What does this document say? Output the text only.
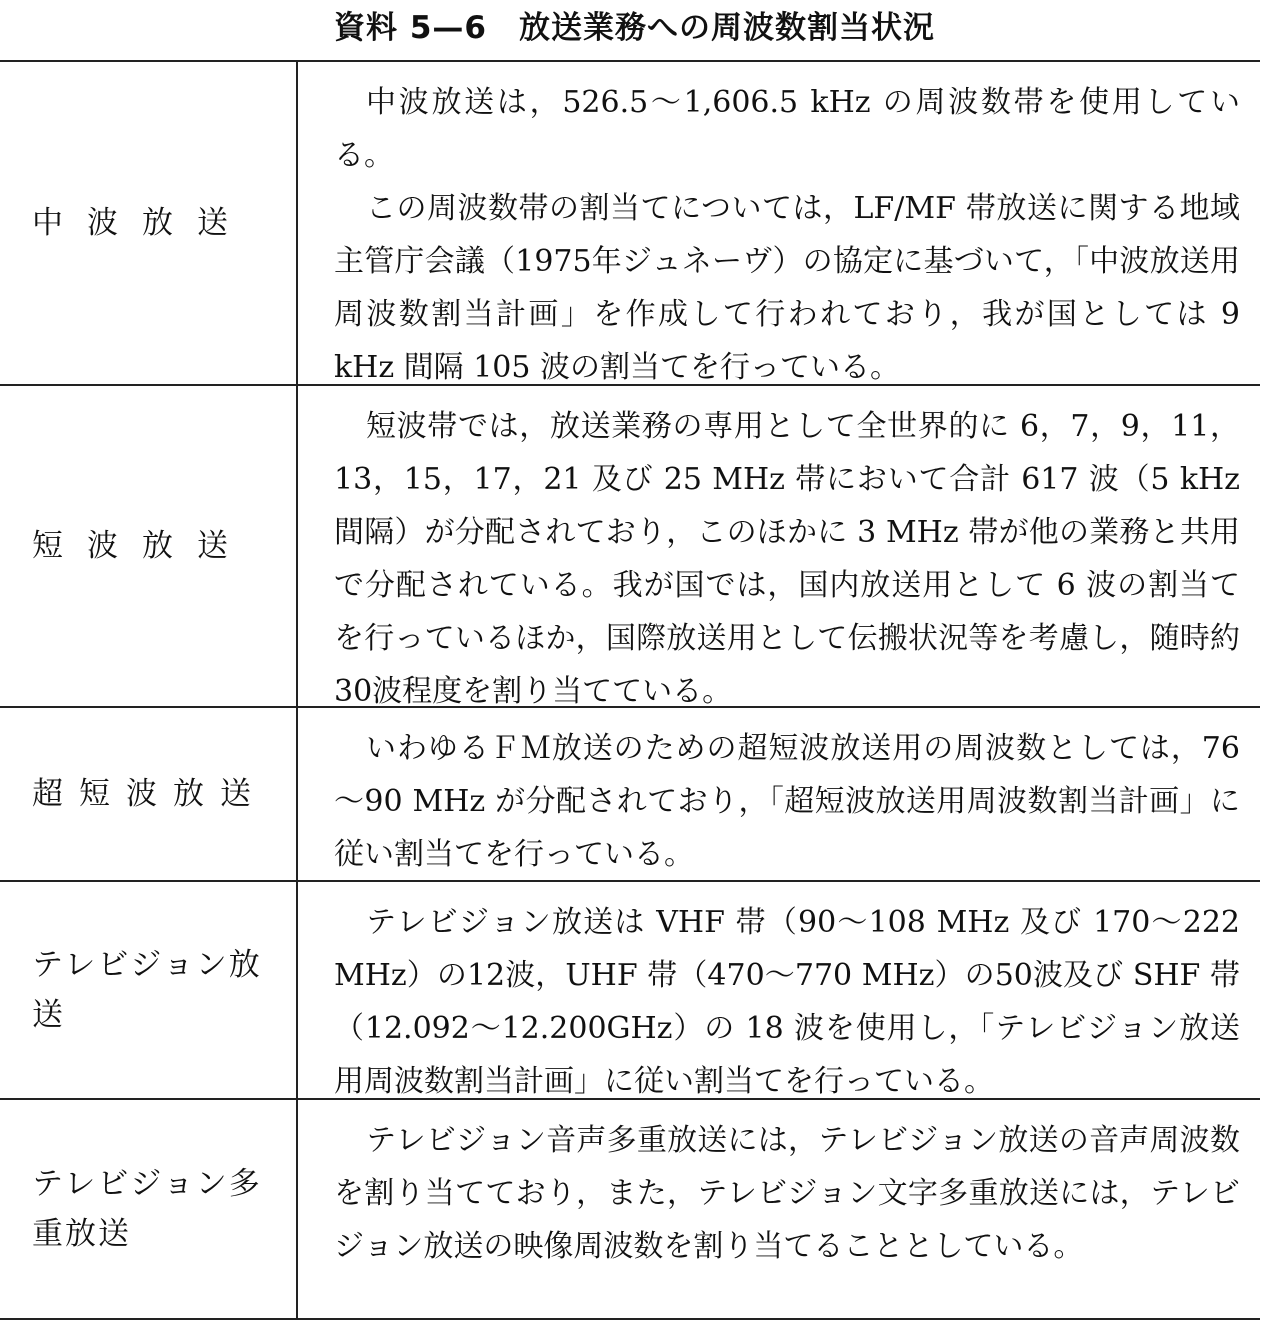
資料 5—6　放送業務への周波数割当状況
中波放送

中波放送は，526.5～1,606.5 kHz の周波数帯を使用している。

この周波数帯の割当てについては，LF/MF 帯放送に関する地域主管庁会議（1975年ジュネーヴ）の協定に基づいて，「中波放送用周波数割当計画」を作成して行われており，我が国としては 9 kHz 間隔 105 波の割当てを行っている。

短波放送

短波帯では，放送業務の専用として全世界的に 6，7，9，11，13，15，17，21 及び 25 MHz 帯において合計 617 波（5 kHz 間隔）が分配されており，このほかに 3 MHz 帯が他の業務と共用で分配されている。我が国では，国内放送用として 6 波の割当てを行っているほか，国際放送用として伝搬状況等を考慮し，随時約30波程度を割り当てている。

超短波放送

いわゆるＦＭ放送のための超短波放送用の周波数としては，76～90 MHz が分配されており，「超短波放送用周波数割当計画」に従い割当てを行っている。

テレビジョン放送

テレビジョン放送は VHF 帯（90～108 MHz 及び 170～222 MHz）の12波，UHF 帯（470～770 MHz）の50波及び SHF 帯（12.092～12.200GHz）の 18 波を使用し，「テレビジョン放送用周波数割当計画」に従い割当てを行っている。

テレビジョン多重放送

テレビジョン音声多重放送には，テレビジョン放送の音声周波数を割り当てており，また，テレビジョン文字多重放送には，テレビジョン放送の映像周波数を割り当てることとしている。
